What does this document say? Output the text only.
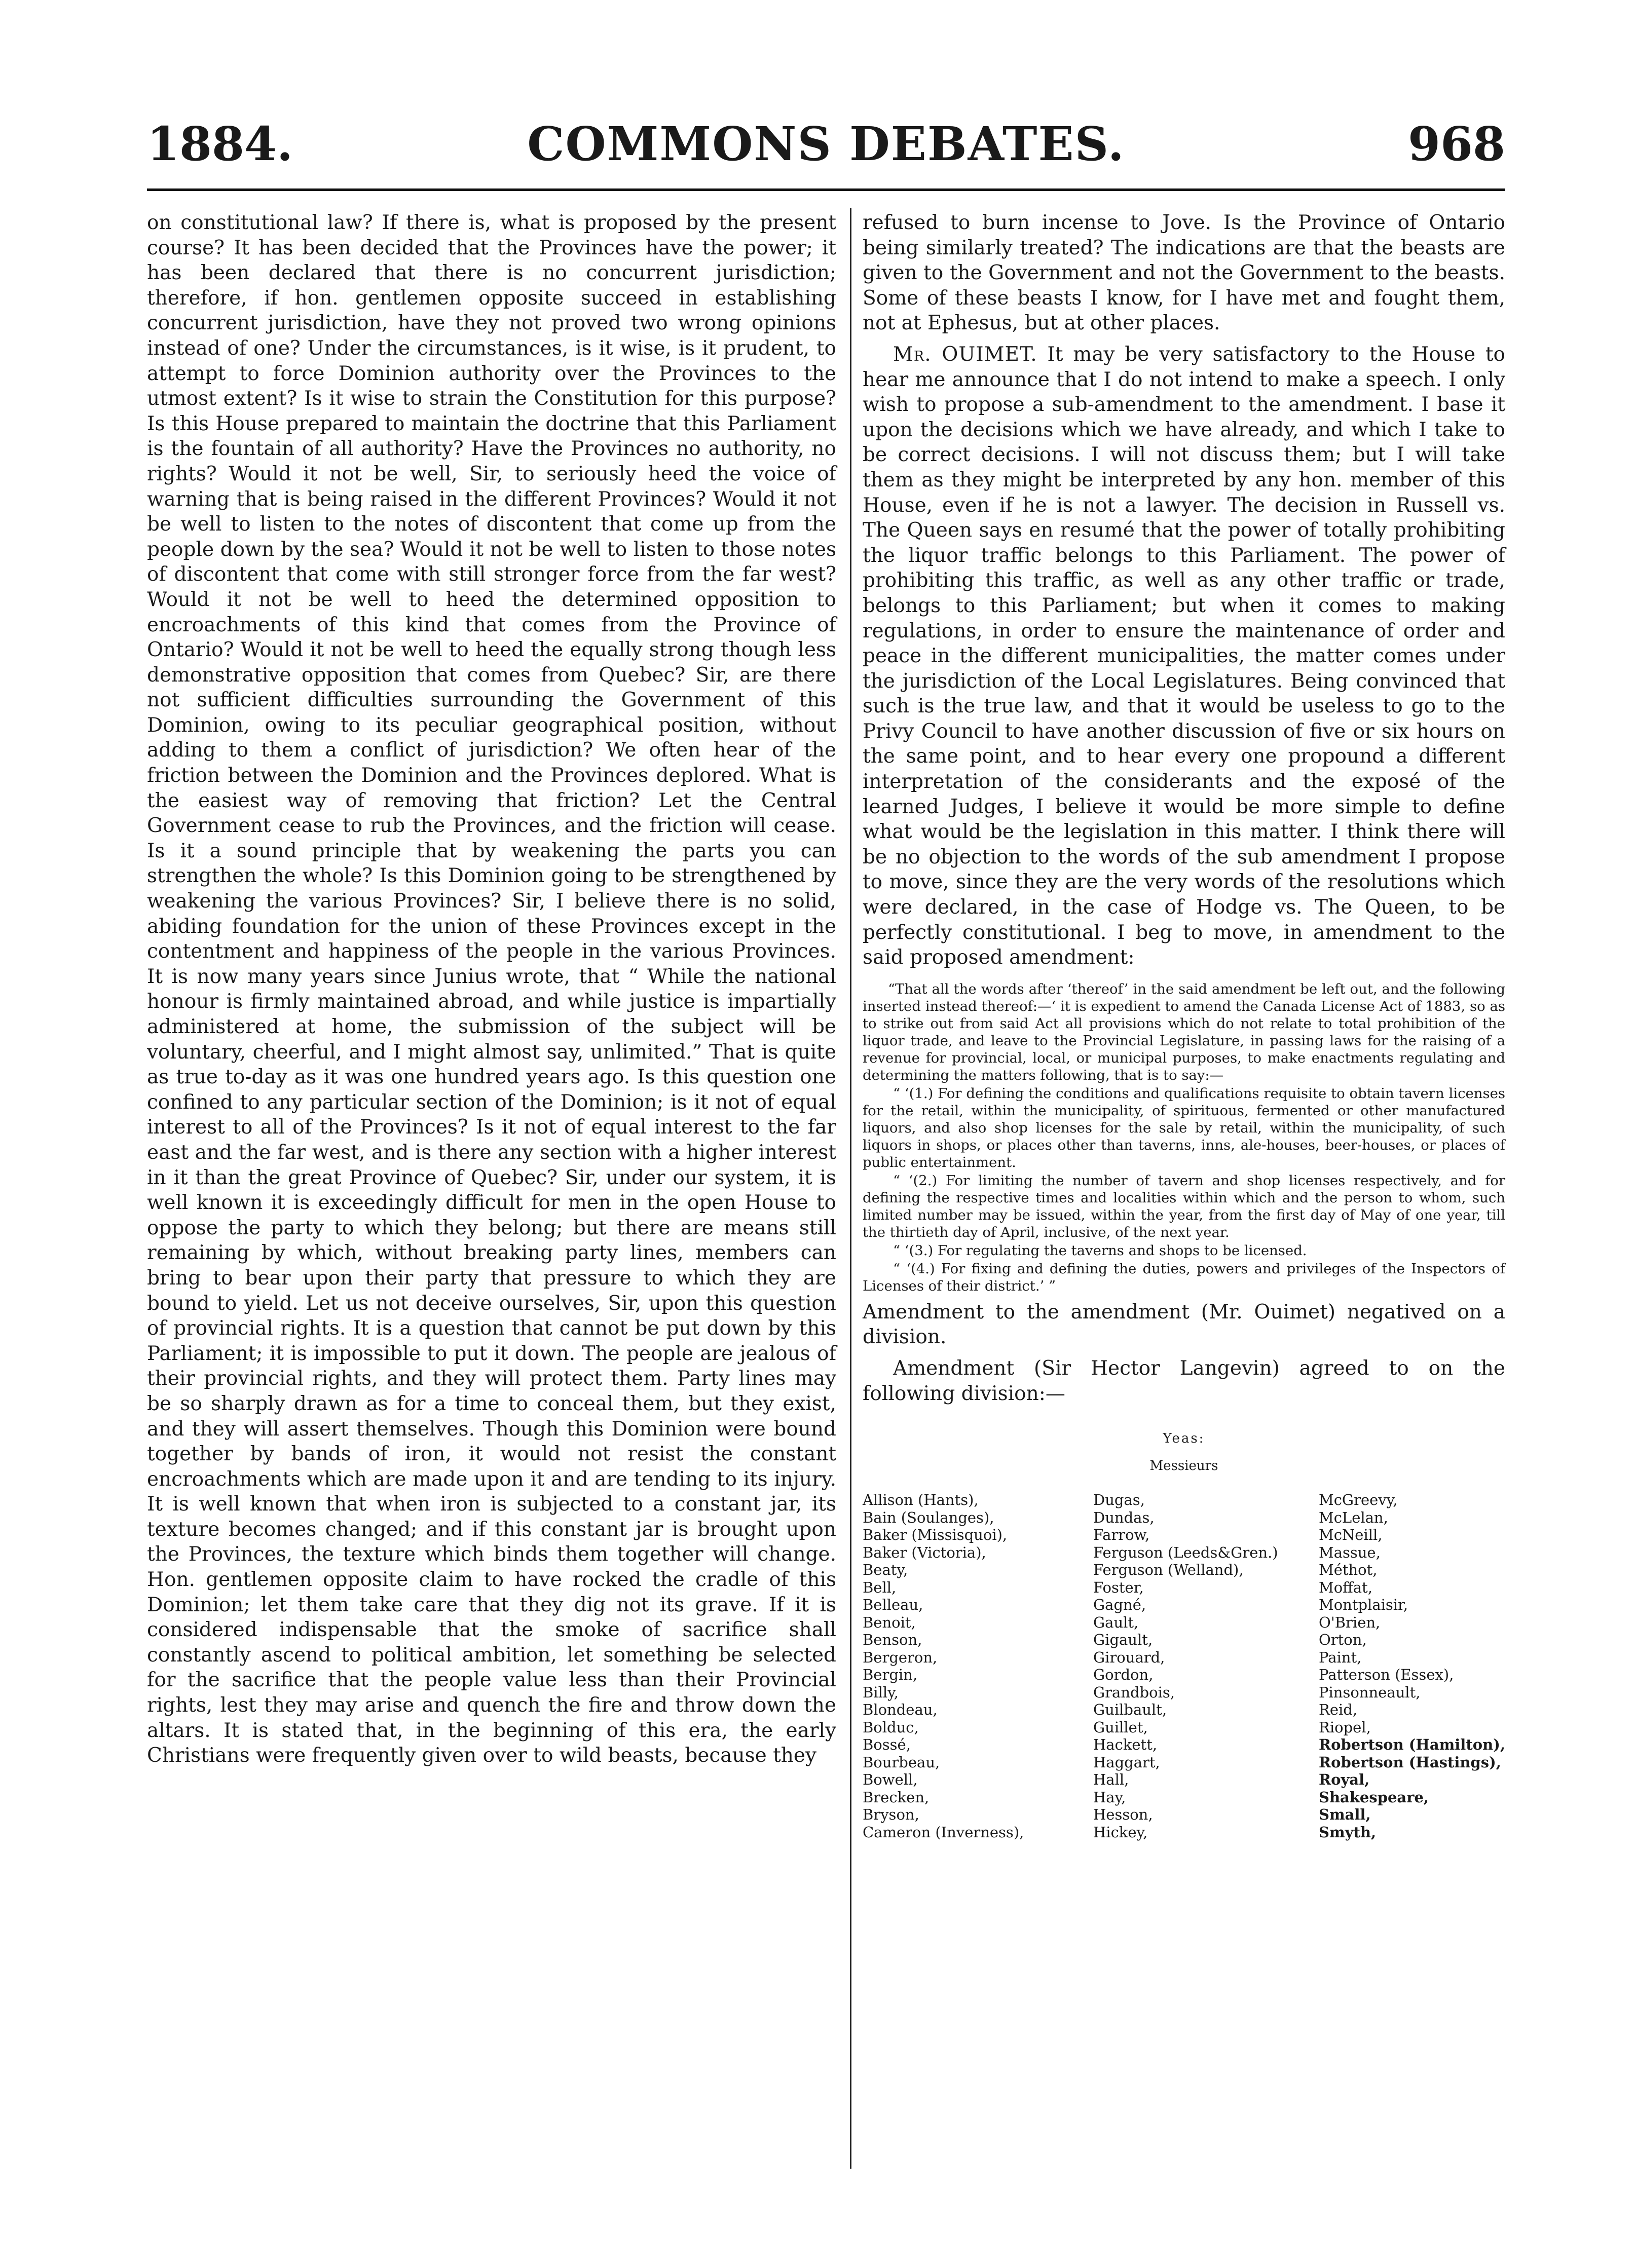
COMMONS DEBATES.
1884.	968

on constitutional law? If there is, what is proposed by the present course? It has been decided that the Provinces have the power; it has been declared that there is no concurrent jurisdiction; therefore, if hon. gentlemen opposite succeed in establishing concurrent jurisdiction, have they not proved two wrong opinions instead of one? Under the circumstances, is it wise, is it prudent, to attempt to force Dominion authority over the Provinces to the utmost extent? Is it wise to strain the Constitution for this purpose? Is this House prepared to maintain the doctrine that this Parliament is the fountain of all authority? Have the Provinces no authority, no rights? Would it not be well, Sir, to seriously heed the voice of warning that is being raised in the different Provinces? Would it not be well to listen to the notes of discontent that come up from the people down by the sea? Would it not be well to listen to those notes of discontent that come with still stronger force from the far west? Would it not be well to heed the determined opposition to encroachments of this kind that comes from the Province of Ontario? Would it not be well to heed the equally strong though less demonstrative opposition that comes from Quebec? Sir, are there not sufficient difficulties surrounding the Government of this Dominion, owing to its peculiar geographical position, without adding to them a conflict of jurisdiction? We often hear of the friction between the Dominion and the Provinces deplored. What is the easiest way of removing that friction? Let the Central Government cease to rub the Provinces, and the friction will cease. Is it a sound principle that by weakening the parts you can strengthen the whole? Is this Dominion going to be strengthened by weakening the various Provinces? Sir, I believe there is no solid, abiding foundation for the union of these Provinces except in the contentment and happiness of the people in the various Provinces. It is now many years since Junius wrote, that “ While the national honour is firmly maintained abroad, and while justice is impartially administered at home, the submission of the subject will be voluntary, cheerful, and I might almost say, unlimited.” That is quite as true to-day as it was one hundred years ago. Is this question one confined to any particular section of the Dominion; is it not of equal interest to all of the Provinces? Is it not of equal interest to the far east and the far west, and is there any section with a higher interest in it than the great Province of Quebec? Sir, under our system, it is well known it is exceedingly difficult for men in the open House to oppose the party to which they belong; but there are means still remaining by which, without breaking party lines, members can bring to bear upon their party that pressure to which they are bound to yield. Let us not deceive ourselves, Sir, upon this question of provincial rights. It is a question that cannot be put down by this Parliament; it is impossible to put it down. The people are jealous of their provincial rights, and they will protect them. Party lines may be so sharply drawn as for a time to conceal them, but they exist, and they will assert themselves. Though this Dominion were bound together by bands of iron, it would not resist the constant encroachments which are made upon it and are tending to its injury. It is well known that when iron is subjected to a constant jar, its texture becomes changed; and if this constant jar is brought upon the Provinces, the texture which binds them together will change. Hon. gentlemen opposite claim to have rocked the cradle of this Dominion; let them take care that they dig not its grave. If it is considered indispensable that the smoke of sacrifice shall constantly ascend to political ambition, let something be selected for the sacrifice that the people value less than their Provincial rights, lest they may arise and quench the fire and throw down the altars. It is stated that, in the beginning of this era, the early Christians were frequently given over to wild beasts, because they

refused to burn incense to Jove. Is the Province of Ontario being similarly treated? The indications are that the beasts are given to the Government and not the Government to the beasts. Some of these beasts I know, for I have met and fought them, not at Ephesus, but at other places.

Mr. OUIMET. It may be very satisfactory to the House to hear me announce that I do not intend to make a speech. I only wish to propose a sub-amendment to the amendment. I base it upon the decisions which we have already, and which I take to be correct decisions. I will not discuss them; but I will take them as they might be interpreted by any hon. member of this House, even if he is not a lawyer. The decision in Russell vs. The Queen says en resumé that the power of totally prohibiting the liquor traffic belongs to this Parliament. The power of prohibiting this traffic, as well as any other traffic or trade, belongs to this Parliament; but when it comes to making regulations, in order to ensure the maintenance of order and peace in the different municipalities, the matter comes under the jurisdiction of the Local Legislatures. Being convinced that such is the true law, and that it would be useless to go to the Privy Council to have another discussion of five or six hours on the same point, and to hear every one propound a different interpretation of the considerants and the exposé of the learned Judges, I believe it would be more simple to define what would be the legislation in this matter. I think there will be no objection to the words of the sub amendment I propose to move, since they are the very words of the resolutions which were declared, in the case of Hodge vs. The Queen, to be perfectly constitutional. I beg to move, in amendment to the said proposed amendment:

“That all the words after ‘thereof’ in the said amendment be left out, and the following inserted instead thereof:—‘ it is expedient to amend the Canada License Act of 1883, so as to strike out from said Act all provisions which do not relate to total prohibition of the liquor trade, and leave to the Provincial Legislature, in passing laws for the raising of a revenue for provincial, local, or municipal purposes, to make enactments regulating and determining the matters following, that is to say:—

“ ‘(1.) For defining the conditions and qualifications requisite to obtain tavern licenses for the retail, within the municipality, of spirituous, fermented or other manufactured liquors, and also shop licenses for the sale by retail, within the municipality, of such liquors in shops, or places other than taverns, inns, ale-houses, beer-houses, or places of public entertainment.

“ ‘(2.) For limiting the number of tavern and shop licenses respectively, and for defining the respective times and localities within which and the person to whom, such limited number may be issued, within the year, from the first day of May of one year, till the thirtieth day of April, inclusive, of the next year.

“ ‘(3.) For regulating the taverns and shops to be licensed.

“ ‘(4.) For fixing and defining the duties, powers and privileges of the Inspectors of Licenses of their district.’ ”

Amendment to the amendment (Mr. Ouimet) negatived on a division.

Amendment (Sir Hector Langevin) agreed to on the following division:—

Yeas:
Messieurs
Allison (Hants),
Bain (Soulanges),
Baker (Missisquoi),
Baker (Victoria),
Beaty,
Bell,
Belleau,
Benoit,
Benson,
Bergeron,
Bergin,
Billy,
Blondeau,
Bolduc,
Bossé,
Bourbeau,
Bowell,
Brecken,
Bryson,
Cameron (Inverness),
Dugas,
Dundas,
Farrow,
Ferguson (Leeds&Gren.)
Ferguson (Welland),
Foster,
Gagné,
Gault,
Gigault,
Girouard,
Gordon,
Grandbois,
Guilbault,
Guillet,
Hackett,
Haggart,
Hall,
Hay,
Hesson,
Hickey,
McGreevy,
McLelan,
McNeill,
Massue,
Méthot,
Moffat,
Montplaisir,
O'Brien,
Orton,
Paint,
Patterson (Essex),
Pinsonneault,
Reid,
Riopel,
Robertson (Hamilton),
Robertson (Hastings),
Royal,
Shakespeare,
Small,
Smyth,
